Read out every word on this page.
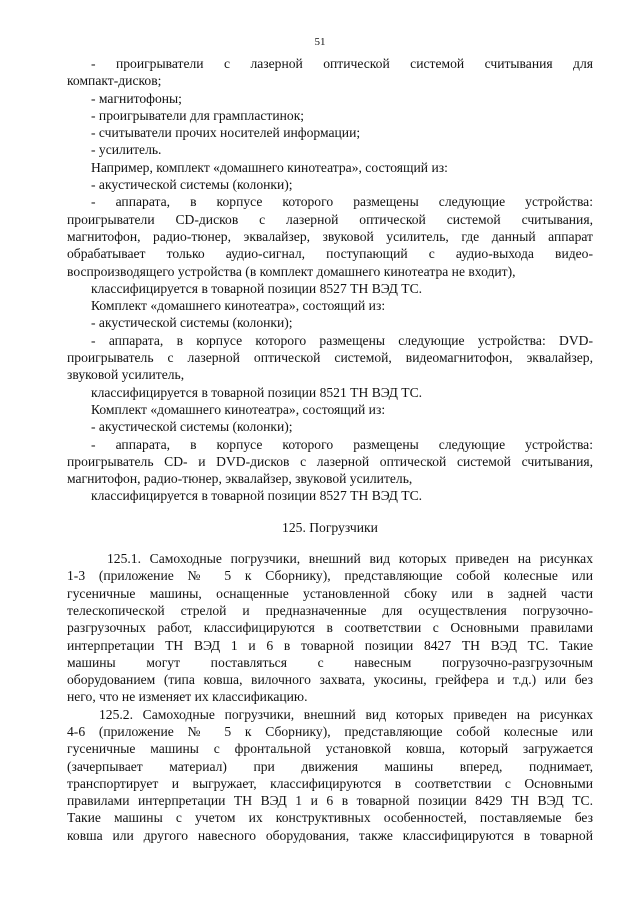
51
- проигрыватели с лазерной оптической системой считывания для
компакт-дисков;
- магнитофоны;
- проигрыватели для грампластинок;
- считыватели прочих носителей информации;
- усилитель.
Например, комплект «домашнего кинотеатра», состоящий из:
- акустической системы (колонки);
- аппарата, в корпусе которого размещены следующие устройства:
проигрыватели CD-дисков с лазерной оптической системой считывания,
магнитофон, радио-тюнер, эквалайзер, звуковой усилитель, где данный аппарат
обрабатывает только аудио-сигнал, поступающий с аудио-выхода видео-
воспроизводящего устройства (в комплект домашнего кинотеатра не входит),
классифицируется в товарной позиции 8527 ТН ВЭД ТС.
Комплект «домашнего кинотеатра», состоящий из:
- акустической системы (колонки);
- аппарата, в корпусе которого размещены следующие устройства: DVD-
проигрыватель с лазерной оптической системой, видеомагнитофон, эквалайзер,
звуковой усилитель,
классифицируется в товарной позиции 8521 ТН ВЭД ТС.
Комплект «домашнего кинотеатра», состоящий из:
- акустической системы (колонки);
- аппарата, в корпусе которого размещены следующие устройства:
проигрыватель CD- и DVD-дисков с лазерной оптической системой считывания,
магнитофон, радио-тюнер, эквалайзер, звуковой усилитель,
классифицируется в товарной позиции 8527 ТН ВЭД ТС.
125. Погрузчики
125.1. Самоходные погрузчики, внешний вид которых приведен на рисунках
1-3 (приложение № 5 к Сборнику), представляющие собой колесные или
гусеничные машины, оснащенные установленной сбоку или в задней части
телескопической стрелой и предназначенные для осуществления погрузочно-
разгрузочных работ, классифицируются в соответствии с Основными правилами
интерпретации ТН ВЭД 1 и 6 в товарной позиции 8427 ТН ВЭД ТС. Такие
машины могут поставляться с навесным погрузочно-разгрузочным
оборудованием (типа ковша, вилочного захвата, укосины, грейфера и т.д.) или без
него, что не изменяет их классификацию.
125.2. Самоходные погрузчики, внешний вид которых приведен на рисунках
4-6 (приложение № 5 к Сборнику), представляющие собой колесные или
гусеничные машины с фронтальной установкой ковша, который загружается
(зачерпывает материал) при движения машины вперед, поднимает,
транспортирует и выгружает, классифицируются в соответствии с Основными
правилами интерпретации ТН ВЭД 1 и 6 в товарной позиции 8429 ТН ВЭД ТС.
Такие машины с учетом их конструктивных особенностей, поставляемые без
ковша или другого навесного оборудования, также классифицируются в товарной
